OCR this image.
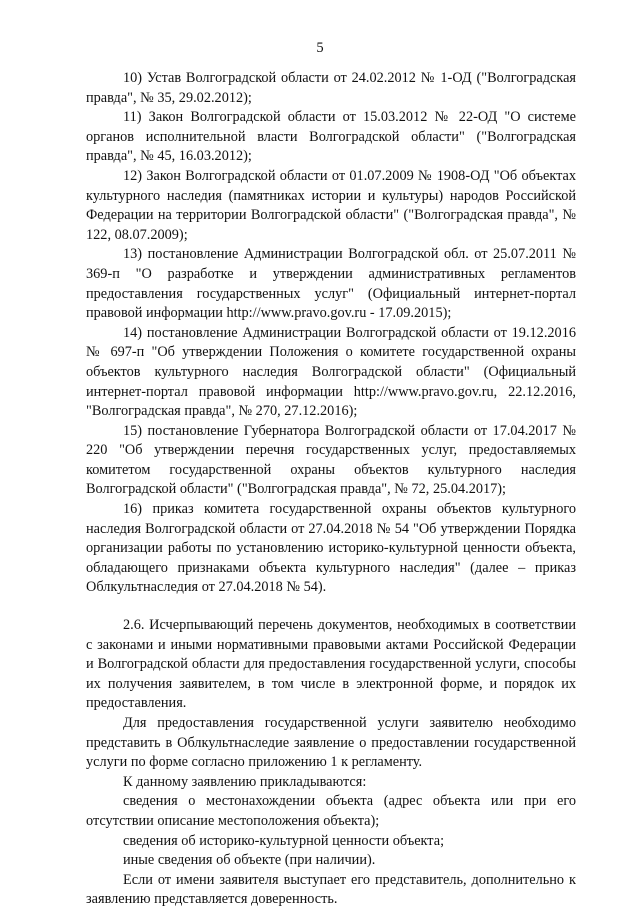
5

10) Устав Волгоградской области от 24.02.2012 № 1-ОД ("Волгоградская правда", № 35, 29.02.2012);

11) Закон Волгоградской области от 15.03.2012 № 22-ОД "О системе органов исполнительной власти Волгоградской области" ("Волгоградская правда", № 45, 16.03.2012);

12) Закон Волгоградской области от 01.07.2009 № 1908-ОД "Об объектах культурного наследия (памятниках истории и культуры) народов Российской Федерации на территории Волгоградской области" ("Волгоградская правда", № 122, 08.07.2009);

13) постановление Администрации Волгоградской обл. от 25.07.2011 № 369-п "О разработке и утверждении административных регламентов предоставления государственных услуг" (Официальный интернет-портал правовой информации http://www.pravo.gov.ru - 17.09.2015);

14) постановление Администрации Волгоградской области от 19.12.2016 № 697-п "Об утверждении Положения о комитете государственной охраны объектов культурного наследия Волгоградской области" (Официальный интернет-портал правовой информации http://www.pravo.gov.ru, 22.12.2016, "Волгоградская правда", № 270, 27.12.2016);

15) постановление Губернатора Волгоградской области от 17.04.2017 № 220 "Об утверждении перечня государственных услуг, предоставляемых комитетом государственной охраны объектов культурного наследия Волгоградской области" ("Волгоградская правда", № 72, 25.04.2017);

16) приказ комитета государственной охраны объектов культурного наследия Волгоградской области от 27.04.2018 № 54 "Об утверждении Порядка организации работы по установлению историко-культурной ценности объекта, обладающего признаками объекта культурного наследия" (далее – приказ Облкультнаследия от 27.04.2018 № 54).

2.6. Исчерпывающий перечень документов, необходимых в соответствии с законами и иными нормативными правовыми актами Российской Федерации и Волгоградской области для предоставления государственной услуги, способы их получения заявителем, в том числе в электронной форме, и порядок их предоставления.

Для предоставления государственной услуги заявителю необходимо представить в Облкультнаследие заявление о предоставлении государственной услуги по форме согласно приложению 1 к регламенту.

К данному заявлению прикладываются:

сведения о местонахождении объекта (адрес объекта или при его отсутствии описание местоположения объекта);

сведения об историко-культурной ценности объекта;

иные сведения об объекте (при наличии).

Если от имени заявителя выступает его представитель, дополнительно к заявлению представляется доверенность.
